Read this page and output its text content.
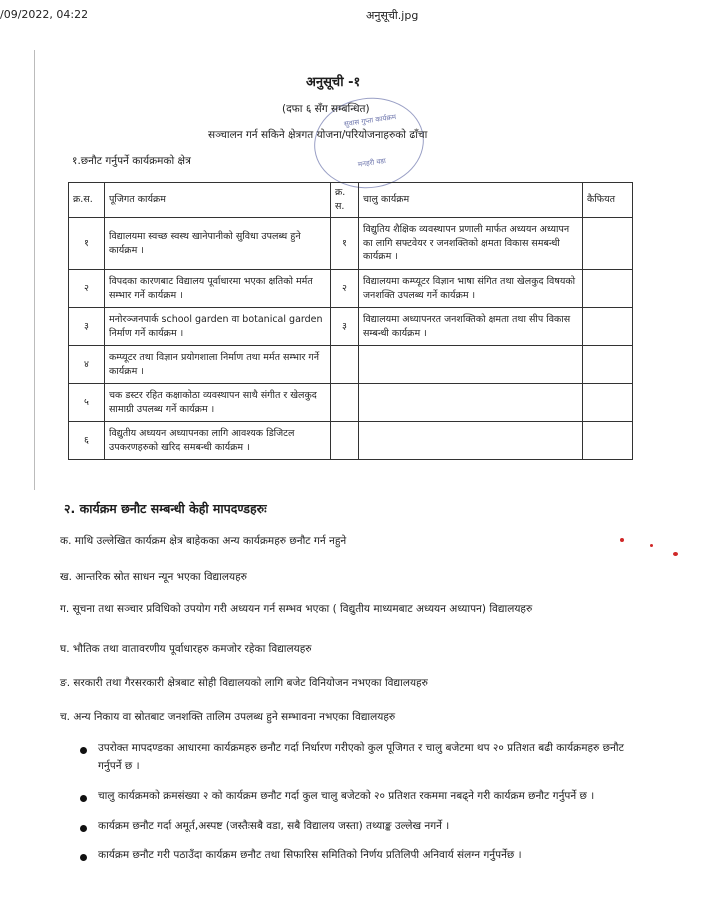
/09/2022, 04:22	अनुसूची.jpg
सुवास गुप्ता कार्यक्रम
मनहरी वडा
अनुसूची -१
(दफा ६ सँग सम्बन्धित)
सञ्चालन गर्न सकिने क्षेत्रगत योजना/परियोजनाहरुको ढाँचा
१.छनौट गर्नुपर्ने कार्यक्रमको क्षेत्र
क्र.स.	पूजिगत कार्यक्रम	क्र. स.	चालु कार्यक्रम	कैफियत
१	विद्यालयमा स्वच्छ स्वस्थ खानेपानीको सुविधा उपलब्ध हुने कार्यक्रम ।	१	विद्युतिय शैक्षिक व्यवस्थापन प्रणाली मार्फत अध्ययन अध्यापन का लागि सफ्टवेयर र जनशक्तिको क्षमता विकास समबन्धी कार्यक्रम ।	
२	विपदका कारणबाट विद्यालय पूर्वाधारमा भएका क्षतिको मर्मत सम्भार गर्ने कार्यक्रम ।	२	विद्यालयमा कम्प्यूटर विज्ञान भाषा संगित तथा खेलकुद विषयको जनशक्ति उपलब्ध गर्ने कार्यक्रम ।	
३	मनोरञ्जनपार्क school garden वा botanical garden निर्माण गर्ने कार्यक्रम ।	३	विद्यालयमा अध्यापनरत जनशक्तिको क्षमता तथा सीप विकास सम्बन्धी कार्यक्रम ।	
४	कम्प्यूटर तथा विज्ञान प्रयोगशाला निर्माण तथा मर्मत सम्भार गर्ने कार्यक्रम ।			
५	चक डस्टर रहित कक्षाकोठा व्यवस्थापन साथै संगीत र खेलकुद सामाग्री उपलब्ध गर्ने कार्यक्रम ।			
६	विद्युतीय अध्ययन अध्यापनका लागि आवश्यक डिजिटल उपकरणहरुको खरिद समबन्धी कार्यक्रम ।			
२. कार्यक्रम छनौट सम्बन्धी केही मापदण्डहरुः
क. माथि उल्लेखित कार्यक्रम क्षेत्र बाहेकका अन्य कार्यक्रमहरु छनौट गर्न नहुने
ख. आन्तरिक स्रोत साधन न्यून भएका विद्यालयहरु
ग. सूचना तथा सञ्चार प्रविधिको उपयोग गरी अध्ययन गर्न सम्भव भएका ( विद्युतीय माध्यमबाट अध्ययन अध्यापन) विद्यालयहरु
घ. भौतिक तथा वातावरणीय पूर्वाधारहरु कमजोर रहेका विद्यालयहरु
ङ. सरकारी तथा गैरसरकारी क्षेत्रबाट सोही विद्यालयको लागि बजेट विनियोजन नभएका विद्यालयहरु
च. अन्य निकाय वा स्रोतबाट जनशक्ति तालिम उपलब्ध हुने सम्भावना नभएका विद्यालयहरु
उपरोक्त मापदण्डका आधारमा कार्यक्रमहरु छनौट गर्दा निर्धारण गरीएको कुल पूजिगत र चालु बजेटमा थप २० प्रतिशत बढी कार्यक्रमहरु छनौट गर्नुपर्ने छ ।
चालु कार्यक्रमको क्रमसंख्या २ को कार्यक्रम छनौट गर्दा कुल चालु बजेटको २० प्रतिशत रकममा नबढ्ने गरी कार्यक्रम छनौट गर्नुपर्ने छ ।
कार्यक्रम छनौट गर्दा अमूर्त,अस्पष्ट (जस्तैःसबै वडा, सबै विद्यालय जस्ता) तथ्याङ्क उल्लेख नगर्ने ।
कार्यक्रम छनौट गरी पठाउँदा कार्यक्रम छनौट तथा सिफारिस समितिको निर्णय प्रतिलिपी अनिवार्य संलग्न गर्नुपर्नेछ ।
